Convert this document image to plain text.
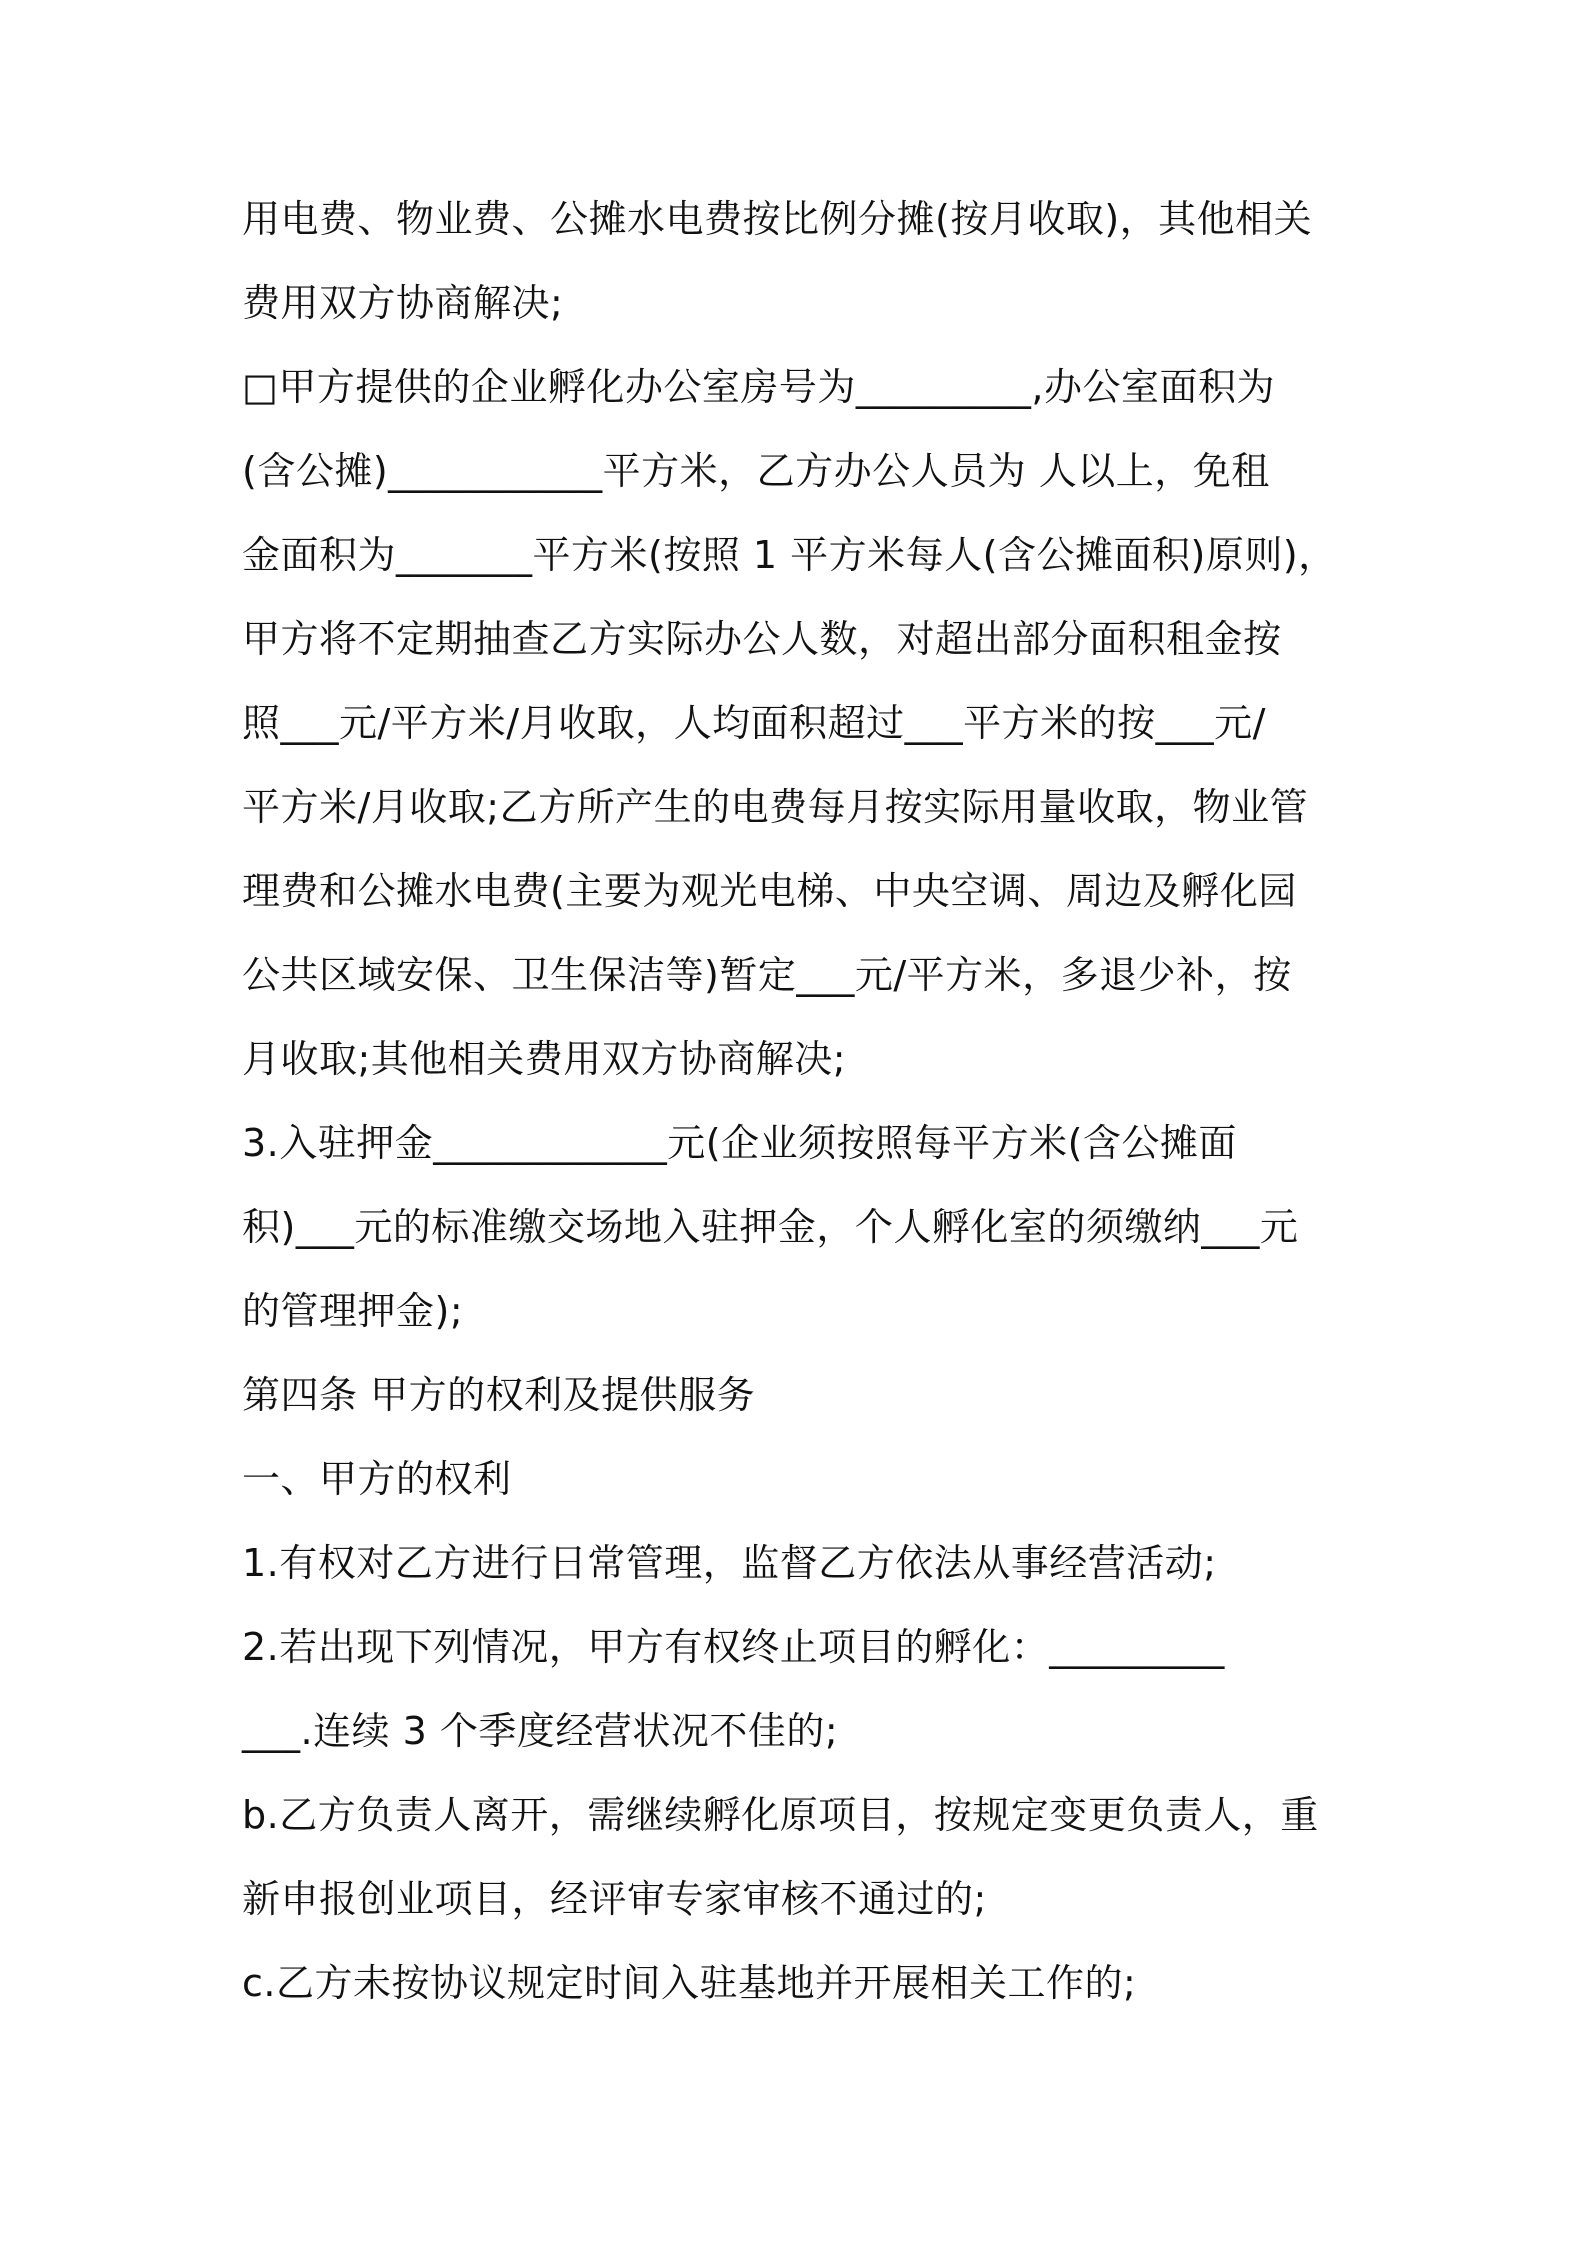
用电费、物业费、公摊水电费按比例分摊(按月收取)，其他相关
费用双方协商解决;
□甲方提供的企业孵化办公室房号为_________,办公室面积为
(含公摊)___________平方米，乙方办公人员为 人以上，免租
金面积为_______平方米(按照 1 平方米每人(含公摊面积)原则)，
甲方将不定期抽查乙方实际办公人数，对超出部分面积租金按
照___元/平方米/月收取，人均面积超过___平方米的按___元/
平方米/月收取;乙方所产生的电费每月按实际用量收取，物业管
理费和公摊水电费(主要为观光电梯、中央空调、周边及孵化园
公共区域安保、卫生保洁等)暂定___元/平方米，多退少补，按
月收取;其他相关费用双方协商解决;
3.入驻押金____________元(企业须按照每平方米(含公摊面
积)___元的标准缴交场地入驻押金，个人孵化室的须缴纳___元
的管理押金);
第四条 甲方的权利及提供服务
一、甲方的权利
1.有权对乙方进行日常管理，监督乙方依法从事经营活动;
2.若出现下列情况，甲方有权终止项目的孵化：_________
___.连续 3 个季度经营状况不佳的;
b.乙方负责人离开，需继续孵化原项目，按规定变更负责人，重
新申报创业项目，经评审专家审核不通过的;
c.乙方未按协议规定时间入驻基地并开展相关工作的;
